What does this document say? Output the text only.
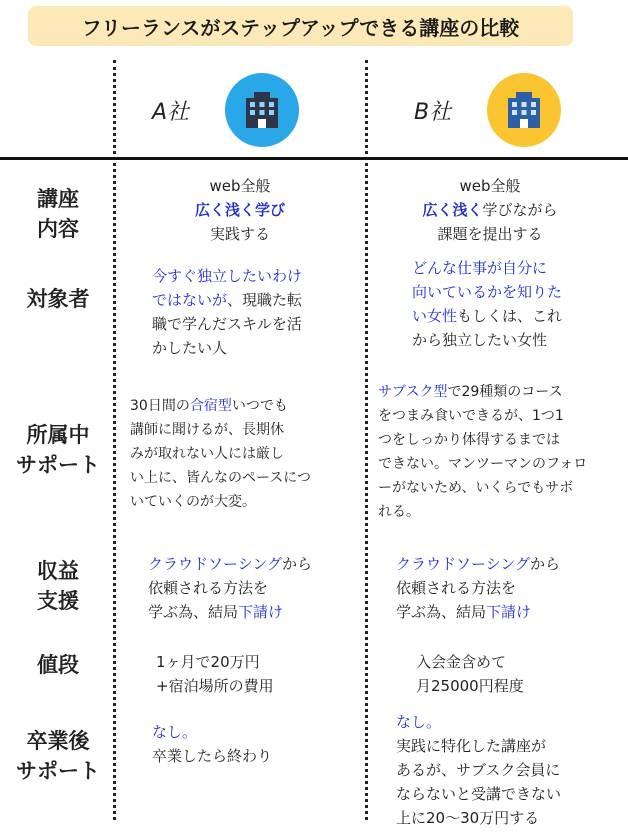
フリーランスがステップアップできる講座の比較
A社	B社
講座
内容
web全般
広く浅く学び
実践する
web全般
広く浅く学びながら
課題を提出する
対象者
今すぐ独立したいわけ
ではないが、現職た転
職で学んだスキルを活
かしたい人
どんな仕事が自分に
向いているかを知りた
い女性もしくは、これ
から独立したい女性
所属中
サポート
30日間の合宿型いつでも
講師に聞けるが、長期休
みが取れない人には厳し
い上に、皆んなのペースにつ
いていくのが大変。
サブスク型で29種類のコース
をつまみ食いできるが、1つ1
つをしっかり体得するまでは
できない。マンツーマンのフォロ
ーがないため、いくらでもサボ
れる。
収益
支援
クラウドソーシングから
依頼される方法を
学ぶ為、結局下請け
クラウドソーシングから
依頼される方法を
学ぶ為、結局下請け
値段	1ヶ月で20万円
+宿泊場所の費用
入会金含めて
月25000円程度
卒業後
サポート
なし。
卒業したら終わり
なし。
実践に特化した講座が
あるが、サブスク会員に
ならないと受講できない
上に20〜30万円する
